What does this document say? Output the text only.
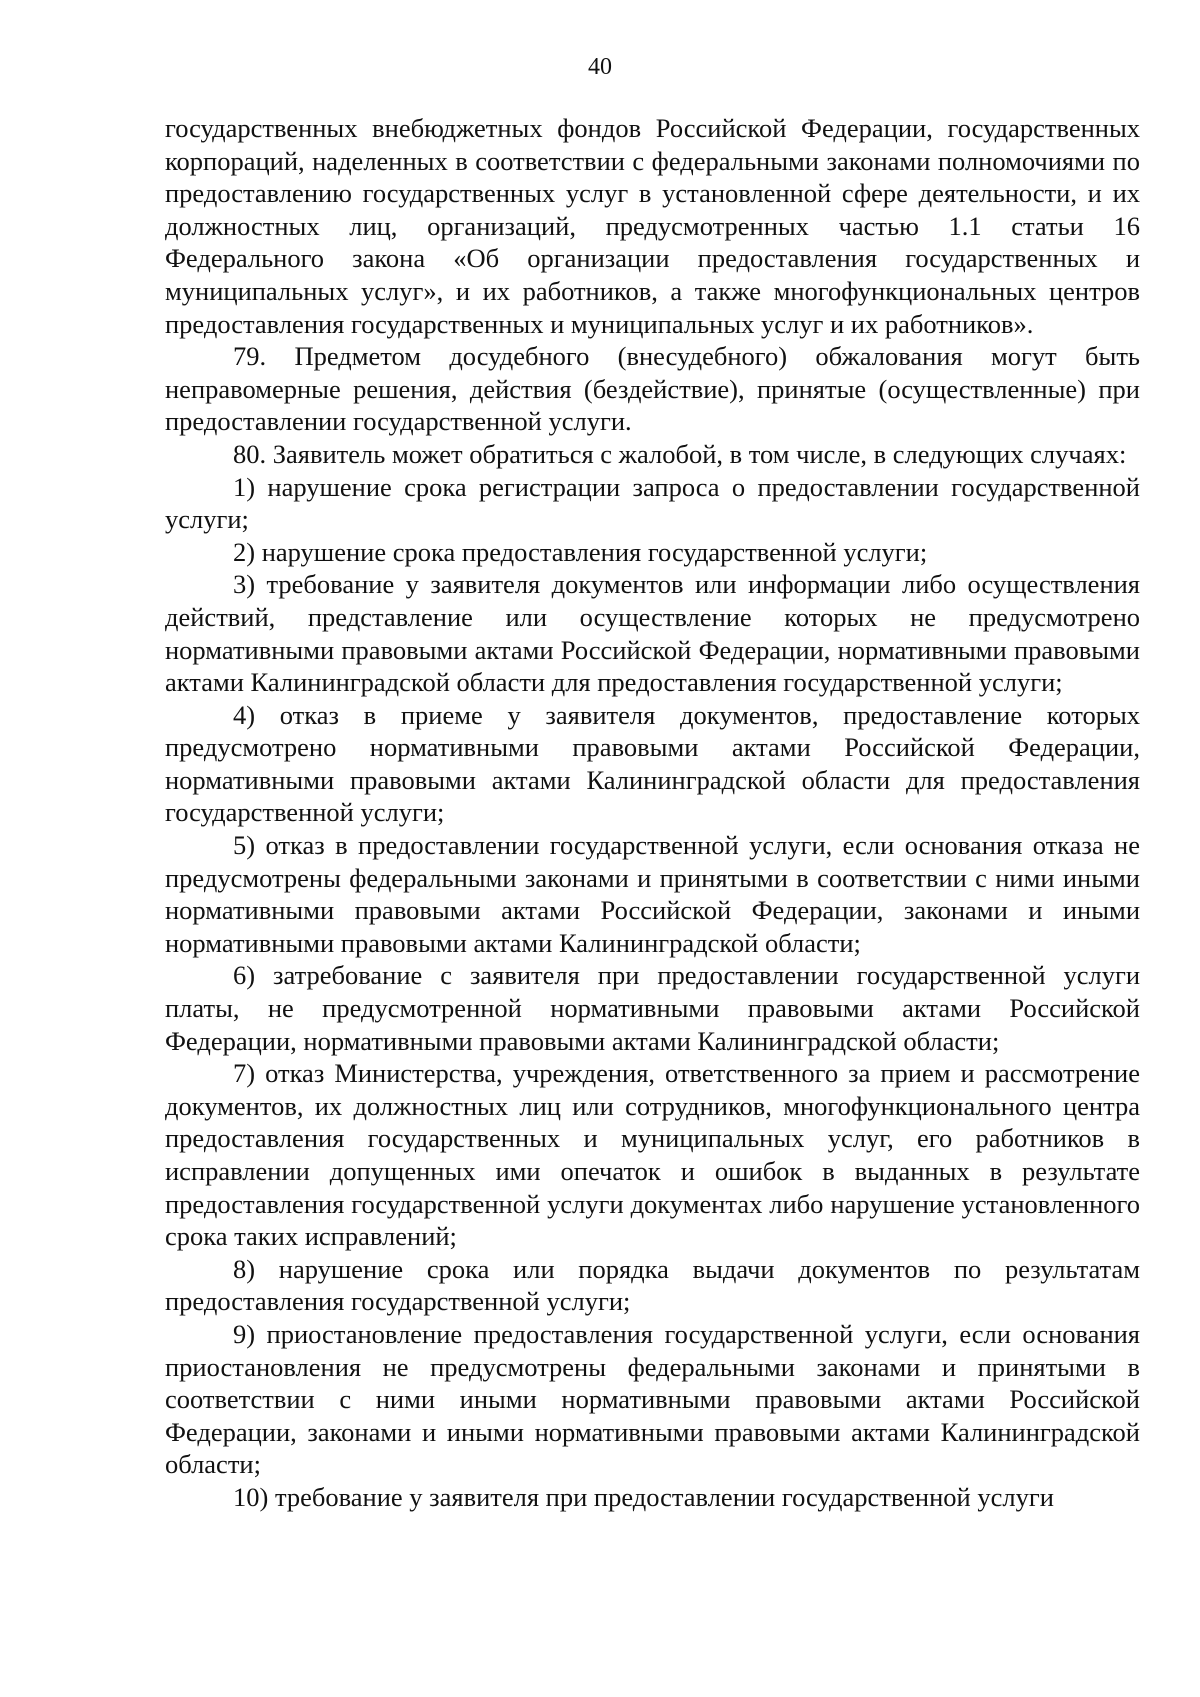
40

государственных внебюджетных фондов Российской Федерации, государственных корпораций, наделенных в соответствии с федеральными законами полномочиями по предоставлению государственных услуг в установленной сфере деятельности, и их должностных лиц, организаций, предусмотренных частью 1.1 статьи 16 Федерального закона «Об организации предоставления государственных и муниципальных услуг», и их работников, а также многофункциональных центров предоставления государственных и муниципальных услуг и их работников».

79. Предметом досудебного (внесудебного) обжалования могут быть неправомерные решения, действия (бездействие), принятые (осуществленные) при предоставлении государственной услуги.

80. Заявитель может обратиться с жалобой, в том числе, в следующих случаях:

1) нарушение срока регистрации запроса о предоставлении государственной услуги;

2) нарушение срока предоставления государственной услуги;

3) требование у заявителя документов или информации либо осуществления действий, представление или осуществление которых не предусмотрено нормативными правовыми актами Российской Федерации, нормативными правовыми актами Калининградской области для предоставления государственной услуги;

4) отказ в приеме у заявителя документов, предоставление которых предусмотрено нормативными правовыми актами Российской Федерации, нормативными правовыми актами Калининградской области для предоставления государственной услуги;

5) отказ в предоставлении государственной услуги, если основания отказа не предусмотрены федеральными законами и принятыми в соответствии с ними иными нормативными правовыми актами Российской Федерации, законами и иными нормативными правовыми актами Калининградской области;

6) затребование с заявителя при предоставлении государственной услуги платы, не предусмотренной нормативными правовыми актами Российской Федерации, нормативными правовыми актами Калининградской области;

7) отказ Министерства, учреждения, ответственного за прием и рассмотрение документов, их должностных лиц или сотрудников, многофункционального центра предоставления государственных и муниципальных услуг, его работников в исправлении допущенных ими опечаток и ошибок в выданных в результате предоставления государственной услуги документах либо нарушение установленного срока таких исправлений;

8) нарушение срока или порядка выдачи документов по результатам предоставления государственной услуги;

9) приостановление предоставления государственной услуги, если основания приостановления не предусмотрены федеральными законами и принятыми в соответствии с ними иными нормативными правовыми актами Российской Федерации, законами и иными нормативными правовыми актами Калининградской области;

10) требование у заявителя при предоставлении государственной услуги
